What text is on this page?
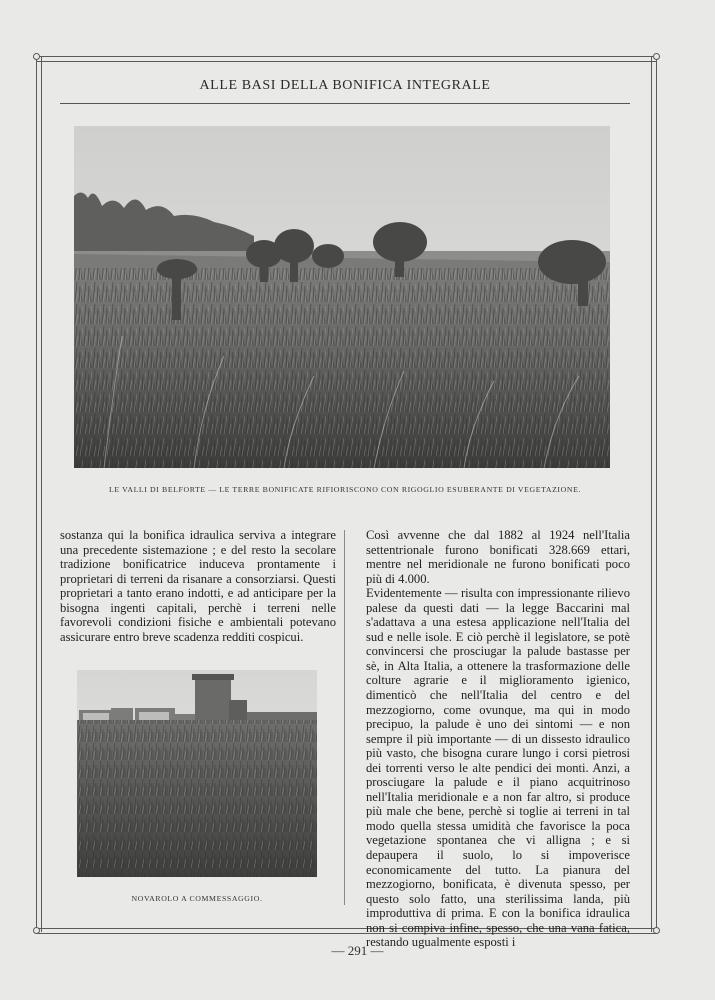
ALLE BASI DELLA BONIFICA INTEGRALE
LE VALLI DI BELFORTE — LE TERRE BONIFICATE RIFIORISCONO CON RIGOGLIO ESUBERANTE DI VEGETAZIONE.

sostanza qui la bonifica idraulica serviva a integrare una precedente sistemazione ; e del resto la secolare tradizione bonificatrice induceva prontamente i proprietari di terreni da risanare a consorziarsi. Questi proprietari a tanto erano indotti, e ad anticipare per la bisogna ingenti capitali, perchè i terreni nelle favorevoli condizioni fisiche e ambientali potevano assicurare entro breve scadenza redditi cospicui.

NOVAROLO A COMMESSAGGIO.

Così avvenne che dal 1882 al 1924 nell'Italia settentrionale furono bonificati 328.669 ettari, mentre nel meridionale ne furono bonificati poco più di 4.000.

Evidentemente — risulta con impressionante rilievo palese da questi dati — la legge Baccarini mal s'adattava a una estesa applicazione nell'Italia del sud e nelle isole. E ciò perchè il legislatore, se potè convincersi che prosciugar la palude bastasse per sè, in Alta Italia, a ottenere la trasformazione delle colture agrarie e il miglioramento igienico, dimenticò che nell'Italia del centro e del mezzogiorno, come ovunque, ma qui in modo precipuo, la palude è uno dei sintomi — e non sempre il più importante — di un dissesto idraulico più vasto, che bisogna curare lungo i corsi pietrosi dei torrenti verso le alte pendici dei monti. Anzi, a prosciugare la palude e il piano acquitrinoso nell'Italia meridionale e a non far altro, si produce più male che bene, perchè si toglie ai terreni in tal modo quella stessa umidità che favorisce la poca vegetazione spontanea che vi alligna ; e si depaupera il suolo, lo si impoverisce economicamente del tutto. La pianura del mezzogiorno, bonificata, è divenuta spesso, per questo solo fatto, una sterilissima landa, più improduttiva di prima. E con la bonifica idraulica non si compiva infine, spesso, che una vana fatica, restando ugualmente esposti i

— 291 —
